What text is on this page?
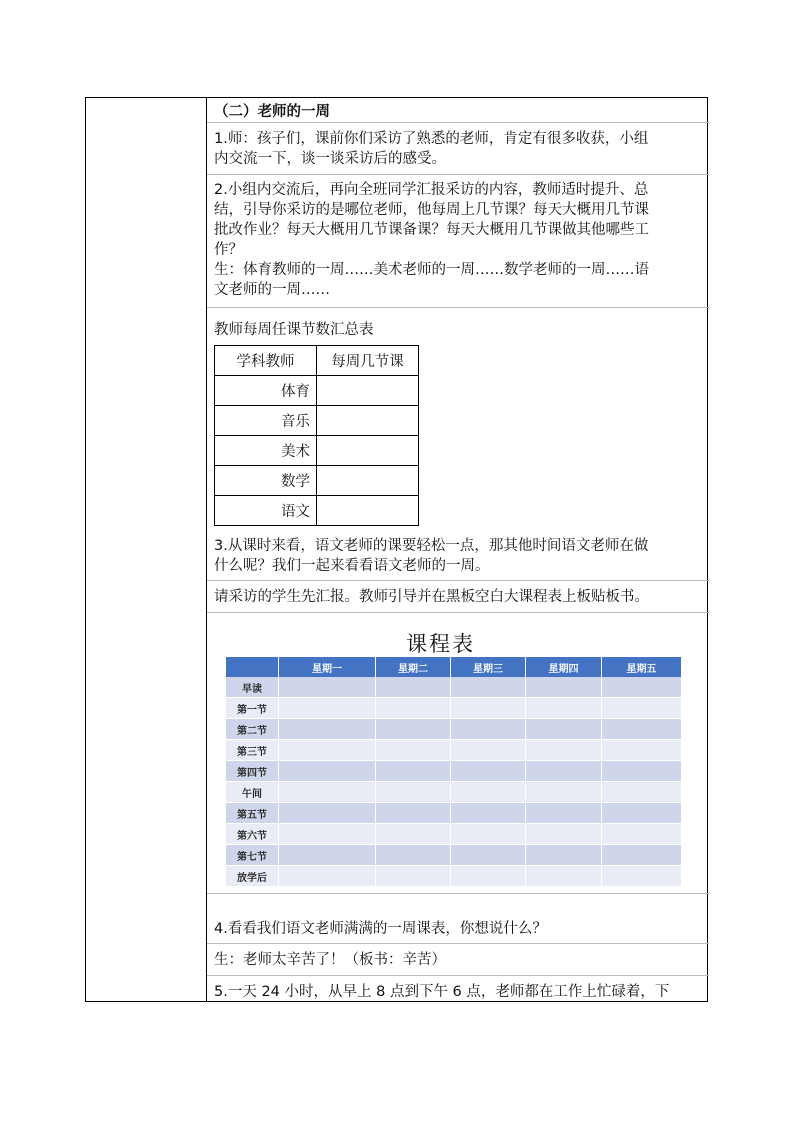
（二）老师的一周
1.师：孩子们，课前你们采访了熟悉的老师，肯定有很多收获，小组
内交流一下，谈一谈采访后的感受。
2.小组内交流后，再向全班同学汇报采访的内容，教师适时提升、总
结，引导你采访的是哪位老师，他每周上几节课？每天大概用几节课
批改作业？每天大概用几节课备课？每天大概用几节课做其他哪些工
作？
生：体育教师的一周……美术老师的一周……数学老师的一周……语
文老师的一周……
教师每周任课节数汇总表
学科教师	每周几节课
体育	
音乐	
美术	
数学	
语文	
3.从课时来看，语文老师的课要轻松一点，那其他时间语文老师在做
什么呢？我们一起来看看语文老师的一周。
请采访的学生先汇报。教师引导并在黑板空白大课程表上板贴板书。
课程表
	星期一	星期二	星期三	星期四	星期五
早读					
第一节					
第二节					
第三节					
第四节					
午间					
第五节					
第六节					
第七节					
放学后					
4.看看我们语文老师满满的一周课表，你想说什么？
生：老师太辛苦了！（板书：辛苦）
5.一天 24 小时，从早上 8 点到下午 6 点，老师都在工作上忙碌着，下
